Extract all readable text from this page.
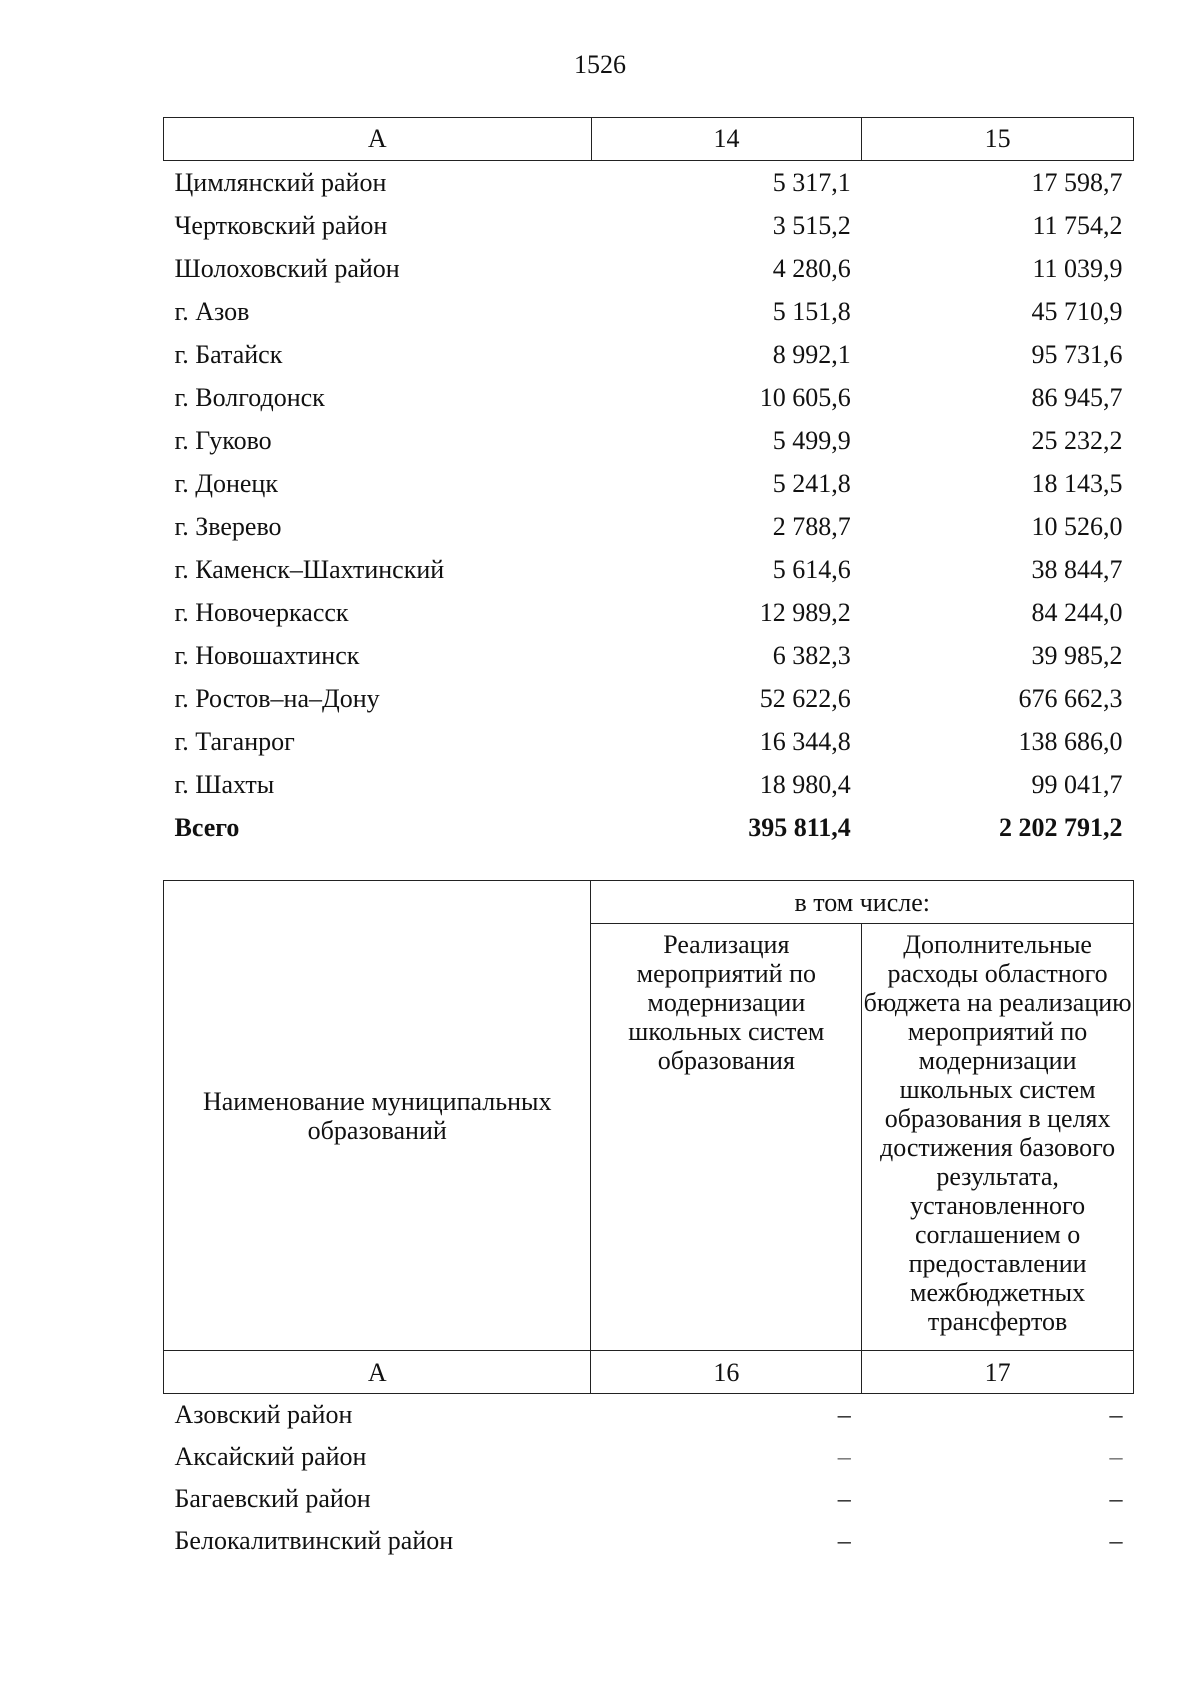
1526
А	14	15
Цимлянский район	5 317,1	17 598,7
Чертковский район	3 515,2	11 754,2
Шолоховский район	4 280,6	11 039,9
г. Азов	5 151,8	45 710,9
г. Батайск	8 992,1	95 731,6
г. Волгодонск	10 605,6	86 945,7
г. Гуково	5 499,9	25 232,2
г. Донецк	5 241,8	18 143,5
г. Зверево	2 788,7	10 526,0
г. Каменск–Шахтинский	5 614,6	38 844,7
г. Новочеркасск	12 989,2	84 244,0
г. Новошахтинск	6 382,3	39 985,2
г. Ростов–на–Дону	52 622,6	676 662,3
г. Таганрог	16 344,8	138 686,0
г. Шахты	18 980,4	99 041,7
Всего	395 811,4	2 202 791,2
Наименование муниципальных образований	в том числе:	
	Реализация мероприятий по модернизации школьных систем образования	Дополнительные расходы областного бюджета на реализацию мероприятий по модернизации школьных систем образования в целях достижения базового результата, установленного соглашением о предоставлении межбюджетных трансфертов
А	16	17
Азовский район	–	–
Аксайский район	–	–
Багаевский район	–	–
Белокалитвинский район	–	–
